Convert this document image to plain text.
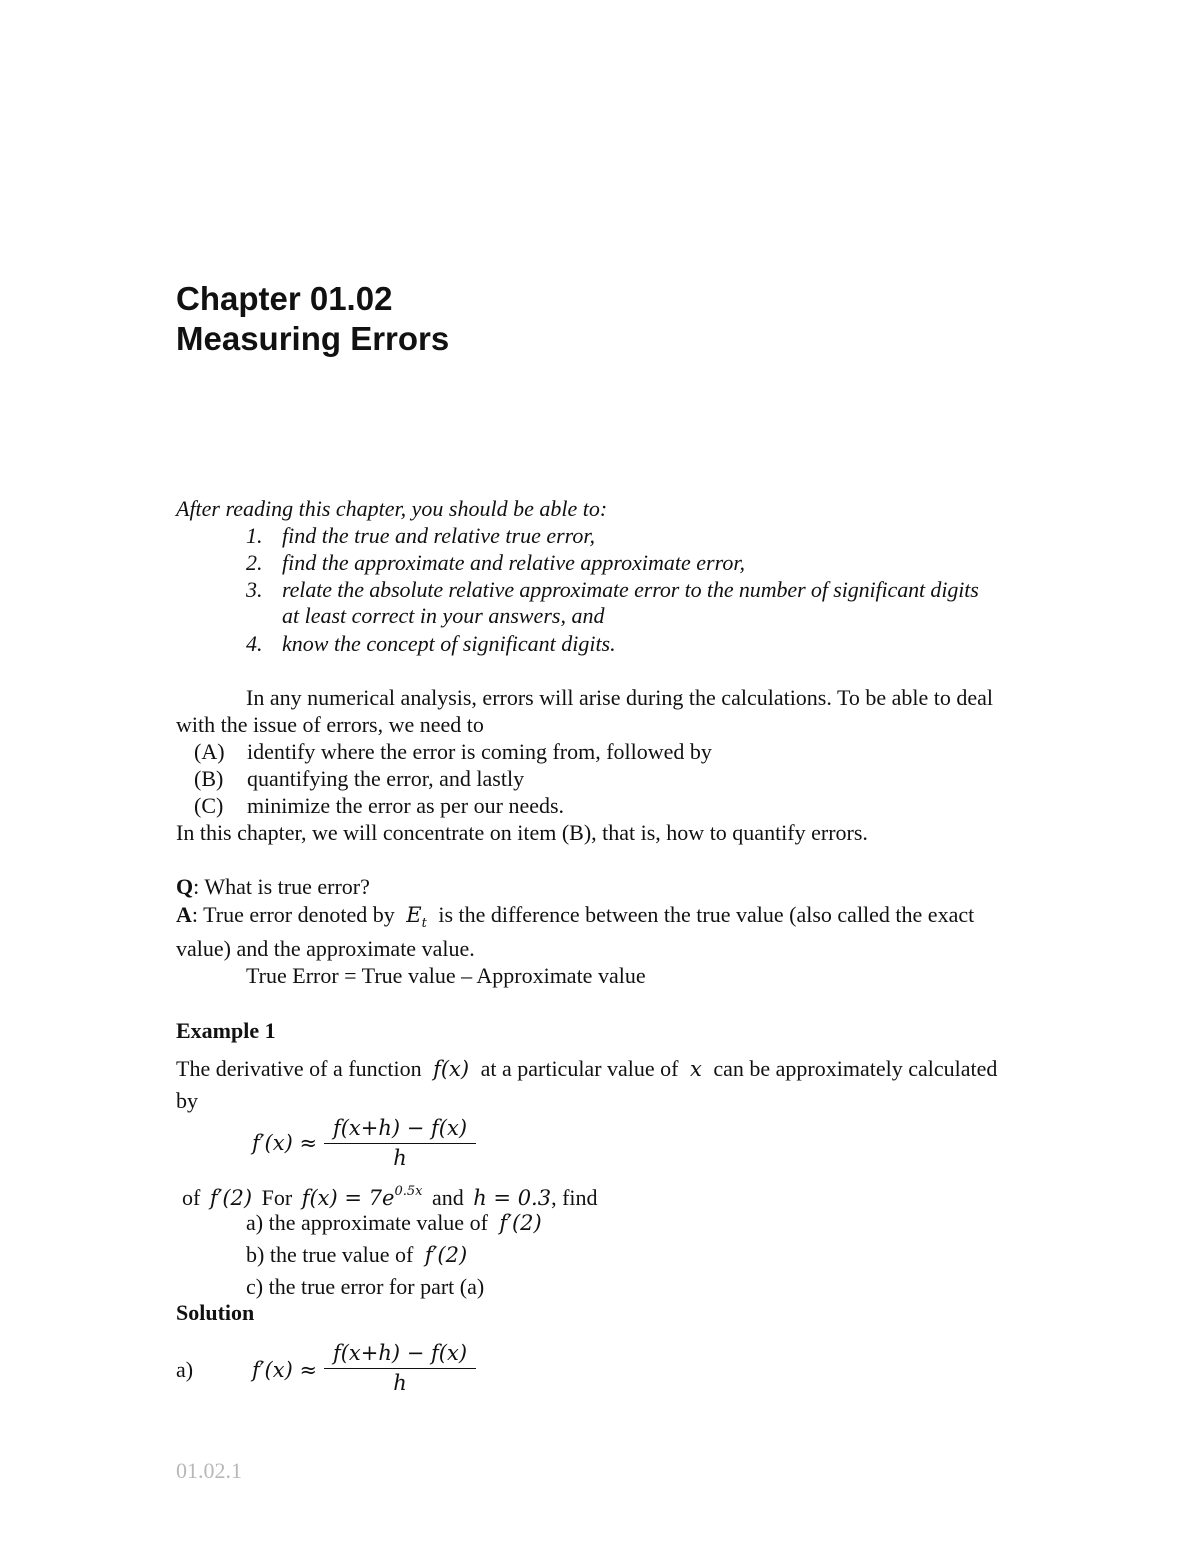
Chapter 01.02
Measuring Errors
After reading this chapter, you should be able to:
1. find the true and relative true error,
2. find the approximate and relative approximate error,
3. relate the absolute relative approximate error to the number of significant digits
at least correct in your answers, and
4. know the concept of significant digits.
In any numerical analysis, errors will arise during the calculations. To be able to deal
with the issue of errors, we need to
(A) identify where the error is coming from, followed by
(B) quantifying the error, and lastly
(C) minimize the error as per our needs.
In this chapter, we will concentrate on item (B), that is, how to quantify errors.
Q: What is true error?
A: True error denoted by $E_t$ is the difference between the true value (also called the exact
value) and the approximate value.
True Error = True value – Approximate value
Example 1
The derivative of a function f(x) at a particular value of x can be approximately calculated
by
$f'(x) \approx \frac{f(x+h) - f(x)}{h}$
of f′(2) For $f(x) = 7e^{0.5x}$ and h = 0.3, find
a) the approximate value of f′(2)
b) the true value of f′(2)
c) the true error for part (a)
Solution
a)	$f'(x) \approx \frac{f(x+h) - f(x)}{h}$
01.02.1
